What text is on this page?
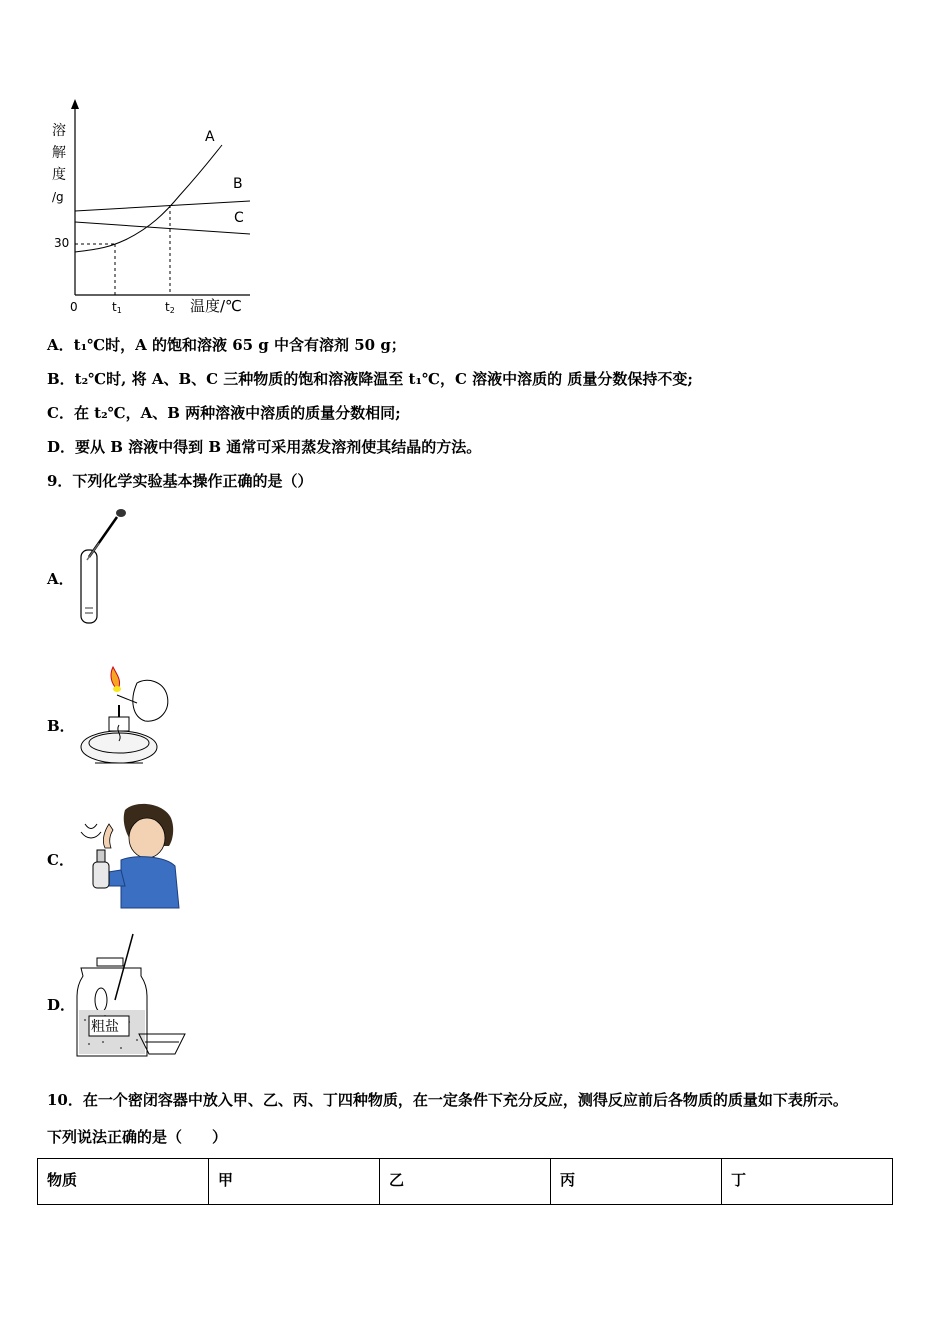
溶
解
度
/g
30
0	t1	t2 温度/℃
A
B
C
A．t₁℃时，A 的饱和溶液 65 g 中含有溶剂 50 g；
B．t₂℃时, 将 A、B、C 三种物质的饱和溶液降温至 t₁℃，C 溶液中溶质的 质量分数保持不变;
C．在 t₂℃，A、B 两种溶液中溶质的质量分数相同;
D．要从 B 溶液中得到 B 通常可采用蒸发溶剂使其结晶的方法。
9．下列化学实验基本操作正确的是（）
A．
B．
C．
D．
粗盐
10．在一个密闭容器中放入甲、乙、丙、丁四种物质，在一定条件下充分反应，测得反应前后各物质的质量如下表所示。
下列说法正确的是（　　）
物质	甲	乙	丙	丁
